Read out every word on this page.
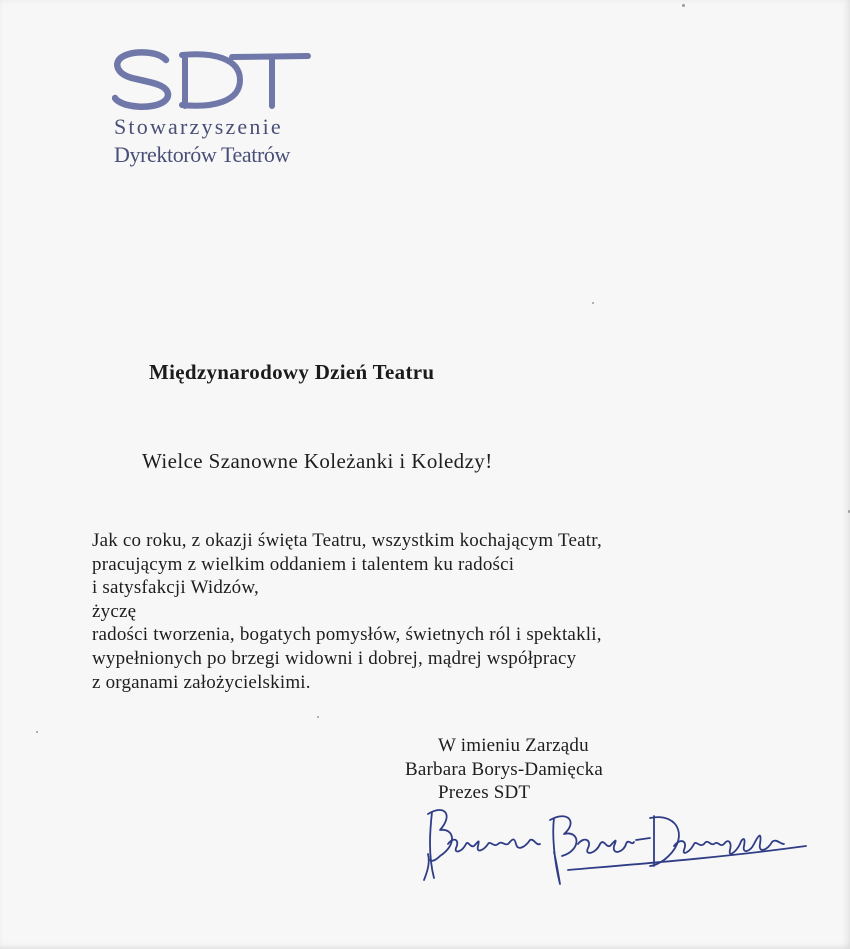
Stowarzyszenie
Dyrektorów Teatrów
Międzynarodowy Dzień Teatru
Wielce Szanowne Koleżanki i Koledzy!
Jak co roku, z okazji święta Teatru, wszystkim kochającym Teatr,
pracującym z wielkim oddaniem i talentem ku radości
i satysfakcji Widzów,
życzę
radości tworzenia, bogatych pomysłów, świetnych ról i spektakli,
wypełnionych po brzegi widowni i dobrej, mądrej współpracy
z organami założycielskimi.
W imieniu Zarządu
Barbara Borys-Damięcka
Prezes SDT
